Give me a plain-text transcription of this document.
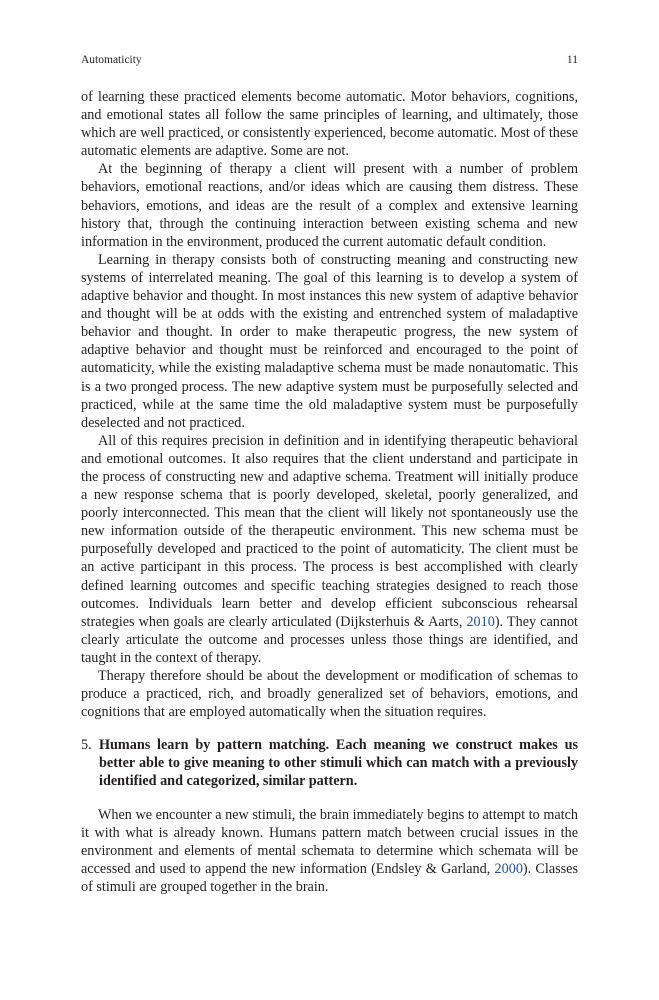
Automaticity	11

of learning these practiced elements become automatic. Motor behaviors, cognitions, and emotional states all follow the same principles of learning, and ultimately, those which are well practiced, or consistently experienced, become automatic. Most of these automatic elements are adaptive. Some are not.

At the beginning of therapy a client will present with a number of problem behaviors, emotional reactions, and/or ideas which are causing them distress. These behaviors, emotions, and ideas are the result of a complex and extensive learning history that, through the continuing interaction between existing schema and new information in the environment, produced the current automatic default condition.

Learning in therapy consists both of constructing meaning and constructing new systems of interrelated meaning. The goal of this learning is to develop a system of adaptive behavior and thought. In most instances this new system of adaptive behavior and thought will be at odds with the existing and entrenched system of maladaptive behavior and thought. In order to make therapeutic progress, the new system of adaptive behavior and thought must be reinforced and encouraged to the point of automaticity, while the existing maladaptive schema must be made nonautomatic. This is a two pronged process. The new adaptive system must be purposefully selected and practiced, while at the same time the old maladaptive system must be purposefully deselected and not practiced.

All of this requires precision in definition and in identifying therapeutic behavioral and emotional outcomes. It also requires that the client understand and participate in the process of constructing new and adaptive schema. Treatment will initially produce a new response schema that is poorly developed, skeletal, poorly generalized, and poorly interconnected. This mean that the client will likely not spontaneously use the new information outside of the therapeutic environment. This new schema must be purposefully developed and practiced to the point of automaticity. The client must be an active participant in this process. The process is best accomplished with clearly defined learning outcomes and specific teaching strategies designed to reach those outcomes. Individuals learn better and develop efficient subconscious rehearsal strategies when goals are clearly articulated (Dijksterhuis & Aarts, 2010). They cannot clearly articulate the outcome and processes unless those things are identified, and taught in the context of therapy.

Therapy therefore should be about the development or modification of schemas to produce a practiced, rich, and broadly generalized set of behaviors, emotions, and cognitions that are employed automatically when the situation requires.

5. Humans learn by pattern matching. Each meaning we construct makes us better able to give meaning to other stimuli which can match with a previously identified and categorized, similar pattern.

When we encounter a new stimuli, the brain immediately begins to attempt to match it with what is already known. Humans pattern match between crucial issues in the environment and elements of mental schemata to determine which schemata will be accessed and used to append the new information (Endsley & Garland, 2000). Classes of stimuli are grouped together in the brain.
